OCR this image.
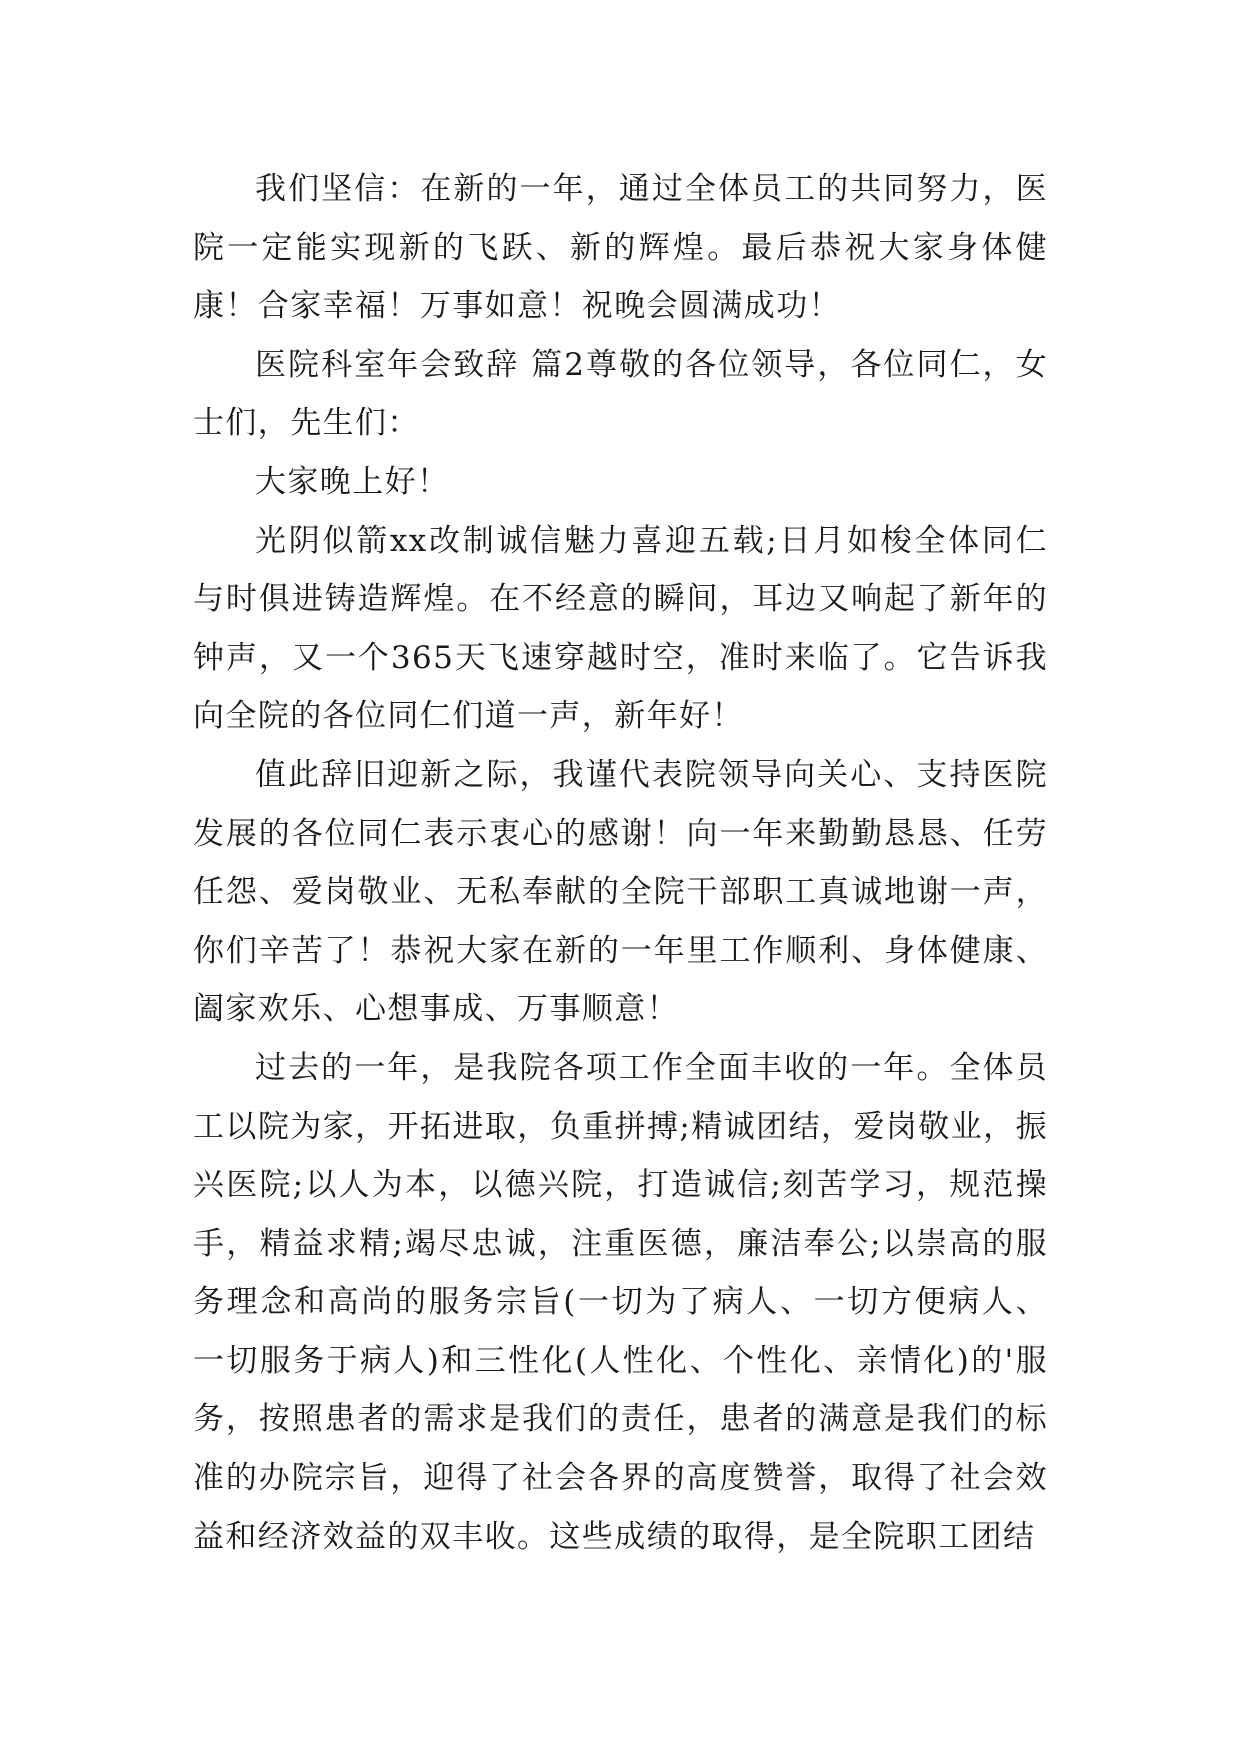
我们坚信：在新的一年，通过全体员工的共同努力，医院一定能实现新的飞跃、新的辉煌。最后恭祝大家身体健康！合家幸福！万事如意！祝晚会圆满成功！

医院科室年会致辞 篇2尊敬的各位领导，各位同仁，女士们，先生们：

大家晚上好！

光阴似箭xx改制诚信魅力喜迎五载;日月如梭全体同仁与时俱进铸造辉煌。在不经意的瞬间，耳边又响起了新年的钟声，又一个365天飞速穿越时空，准时来临了。它告诉我向全院的各位同仁们道一声，新年好！

值此辞旧迎新之际，我谨代表院领导向关心、支持医院发展的各位同仁表示衷心的感谢！向一年来勤勤恳恳、任劳任怨、爱岗敬业、无私奉献的全院干部职工真诚地谢一声，你们辛苦了！恭祝大家在新的一年里工作顺利、身体健康、阖家欢乐、心想事成、万事顺意！

过去的一年，是我院各项工作全面丰收的一年。全体员工以院为家，开拓进取，负重拼搏;精诚团结，爱岗敬业，振兴医院;以人为本，以德兴院，打造诚信;刻苦学习，规范操手，精益求精;竭尽忠诚，注重医德，廉洁奉公;以崇高的服务理念和高尚的服务宗旨(一切为了病人、一切方便病人、一切服务于病人)和三性化(人性化、个性化、亲情化)的'服务，按照患者的需求是我们的责任，患者的满意是我们的标准的办院宗旨，迎得了社会各界的高度赞誉，取得了社会效益和经济效益的双丰收。这些成绩的取得，是全院职工团结
